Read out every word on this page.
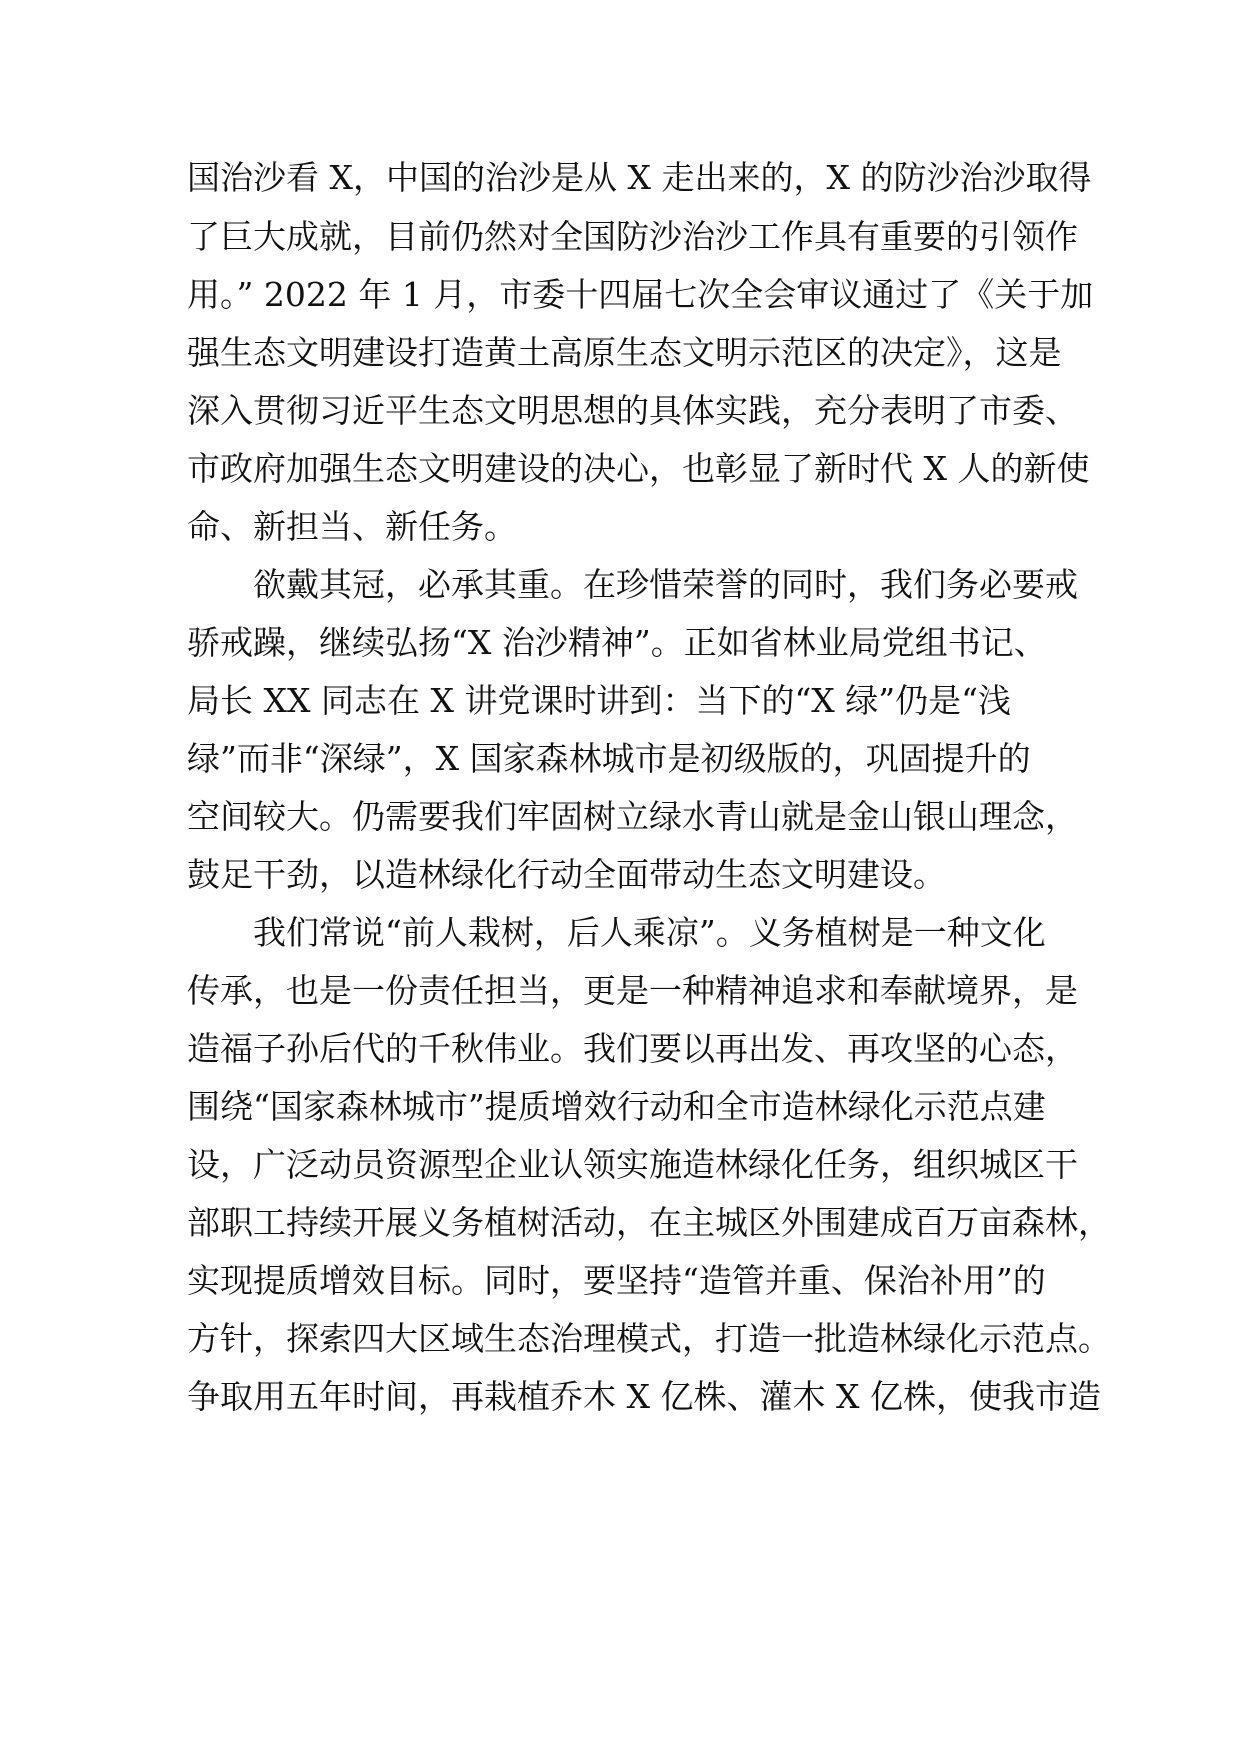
国治沙看 X，中国的治沙是从 X 走出来的，X 的防沙治沙取得
了巨大成就，目前仍然对全国防沙治沙工作具有重要的引领作
用。” 2022 年 1 月，市委十四届七次全会审议通过了《关于加
强生态文明建设打造黄土高原生态文明示范区的决定》，这是
深入贯彻习近平生态文明思想的具体实践，充分表明了市委、
市政府加强生态文明建设的决心，也彰显了新时代 X 人的新使
命、新担当、新任务。
欲戴其冠，必承其重。在珍惜荣誉的同时，我们务必要戒
骄戒躁，继续弘扬“X 治沙精神”。正如省林业局党组书记、
局长 XX 同志在 X 讲党课时讲到：当下的“X 绿”仍是“浅
绿”而非“深绿”，X 国家森林城市是初级版的，巩固提升的
空间较大。仍需要我们牢固树立绿水青山就是金山银山理念，
鼓足干劲，以造林绿化行动全面带动生态文明建设。
我们常说“前人栽树，后人乘凉”。义务植树是一种文化
传承，也是一份责任担当，更是一种精神追求和奉献境界，是
造福子孙后代的千秋伟业。我们要以再出发、再攻坚的心态，
围绕“国家森林城市”提质增效行动和全市造林绿化示范点建
设，广泛动员资源型企业认领实施造林绿化任务，组织城区干
部职工持续开展义务植树活动，在主城区外围建成百万亩森林，
实现提质增效目标。同时，要坚持“造管并重、保治补用”的
方针，探索四大区域生态治理模式，打造一批造林绿化示范点。
争取用五年时间，再栽植乔木 X 亿株、灌木 X 亿株，使我市造
